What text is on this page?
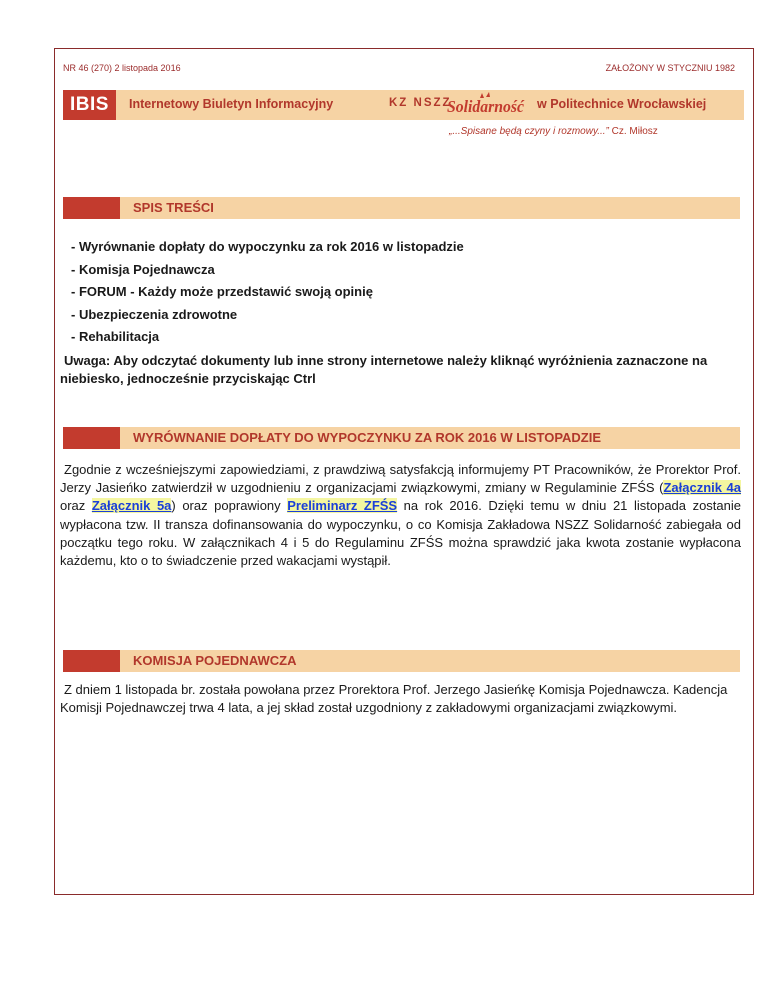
NR 46 (270) 2 listopada 2016	ZAŁOŻONY W STYCZNIU 1982
IBIS	Internetowy Biuletyn Informacyjny	KZ NSZZ
Solidarność w Politechnice Wrocławskiej
„...Spisane będą czyny i rozmowy...” Cz. Miłosz
SPIS TREŚCI
- Wyrównanie dopłaty do wypoczynku za rok 2016 w listopadzie
- Komisja Pojednawcza
- FORUM - Każdy może przedstawić swoją opinię
- Ubezpieczenia zdrowotne
- Rehabilitacja
Uwaga: Aby odczytać dokumenty lub inne strony internetowe należy kliknąć wyróżnienia zaznaczone na niebiesko, jednocześnie przyciskając Ctrl
WYRÓWNANIE DOPŁATY DO WYPOCZYNKU ZA ROK 2016 W LISTOPADZIE
Zgodnie z wcześniejszymi zapowiedziami, z prawdziwą satysfakcją informujemy PT Pracowników, że Prorektor Prof. Jerzy Jasieńko zatwierdził w uzgodnieniu z organizacjami związkowymi, zmiany w Regulaminie ZFŚS (Załącznik 4a oraz Załącznik 5a) oraz poprawiony Preliminarz ZFŚS na rok 2016. Dzięki temu w dniu 21 listopada zostanie wypłacona tzw. II transza dofinansowania do wypoczynku, o co Komisja Zakładowa NSZZ Solidarność zabiegała od początku tego roku. W załącznikach 4 i 5 do Regulaminu ZFŚS można sprawdzić jaka kwota zostanie wypłacona każdemu, kto o to świadczenie przed wakacjami wystąpił.
KOMISJA POJEDNAWCZA
Z dniem 1 listopada br. została powołana przez Prorektora Prof. Jerzego Jasieńkę Komisja Pojednawcza. Kadencja Komisji Pojednawczej trwa 4 lata, a jej skład został uzgodniony z zakładowymi organizacjami związkowymi.
